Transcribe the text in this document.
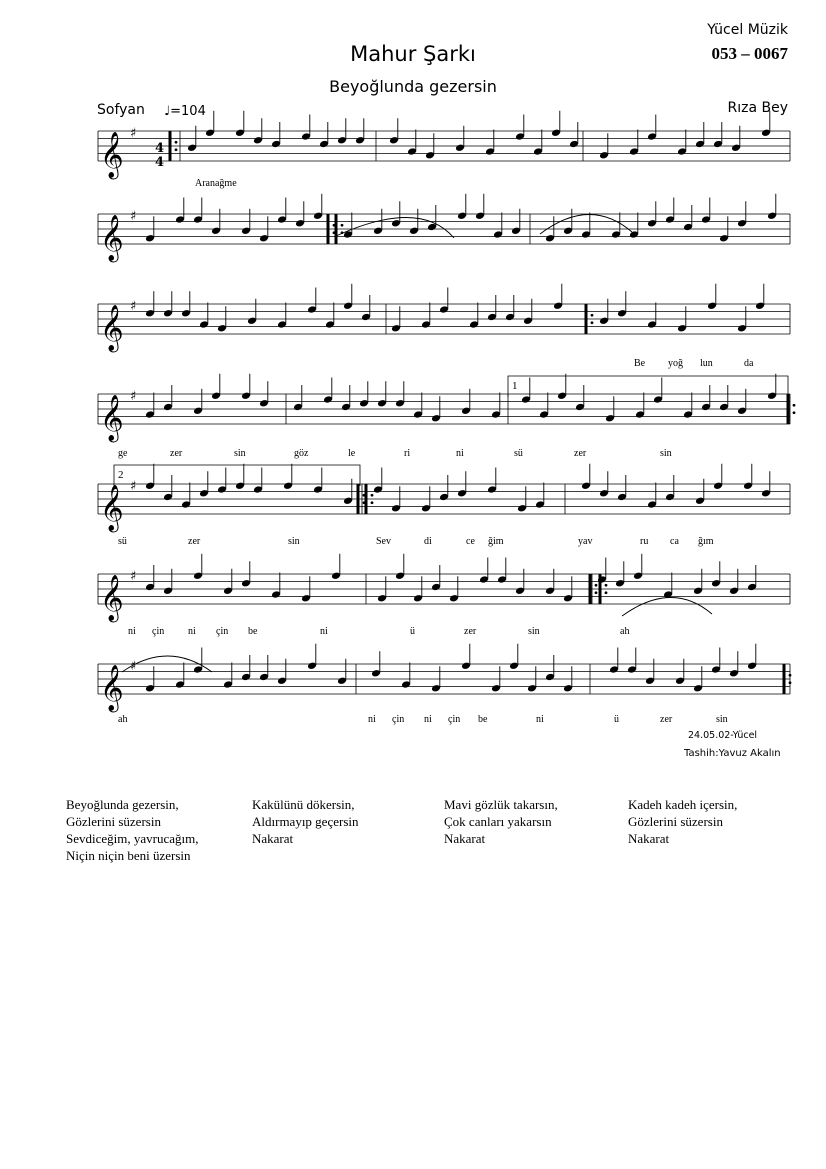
Yücel Müzik
053 – 0067
Mahur Şarkı
Beyoğlunda gezersin
Sofyan ♩=104	Rıza Bey
𝄞 ♯
𝄞 ♯
𝄞 ♯
𝄞 ♯
𝄞 ♯
𝄞 ♯
𝄞 ♯
4
4
Aranağme
1
2
Be yoğ lun	da
ge	zer	sin	göz	le	ri	ni	sü	zer	sin
sü	zer	sin	Sev	di	ce ğim	yav	ru ca ğım
ni çin ni çin be	ni	ü	zer	sin	ah
ah	ni çin ni çin be	ni	ü	zer	sin
24.05.02-Yücel
Tashih:Yavuz Akalın
Beyoğlunda gezersin,
Gözlerini süzersin
Sevdiceğim, yavrucağım,
Niçin niçin beni üzersin
Kakülünü dökersin,
Aldırmayıp geçersin
Nakarat
Mavi gözlük takarsın,
Çok canları yakarsın
Nakarat
Kadeh kadeh içersin,
Gözlerini süzersin
Nakarat
